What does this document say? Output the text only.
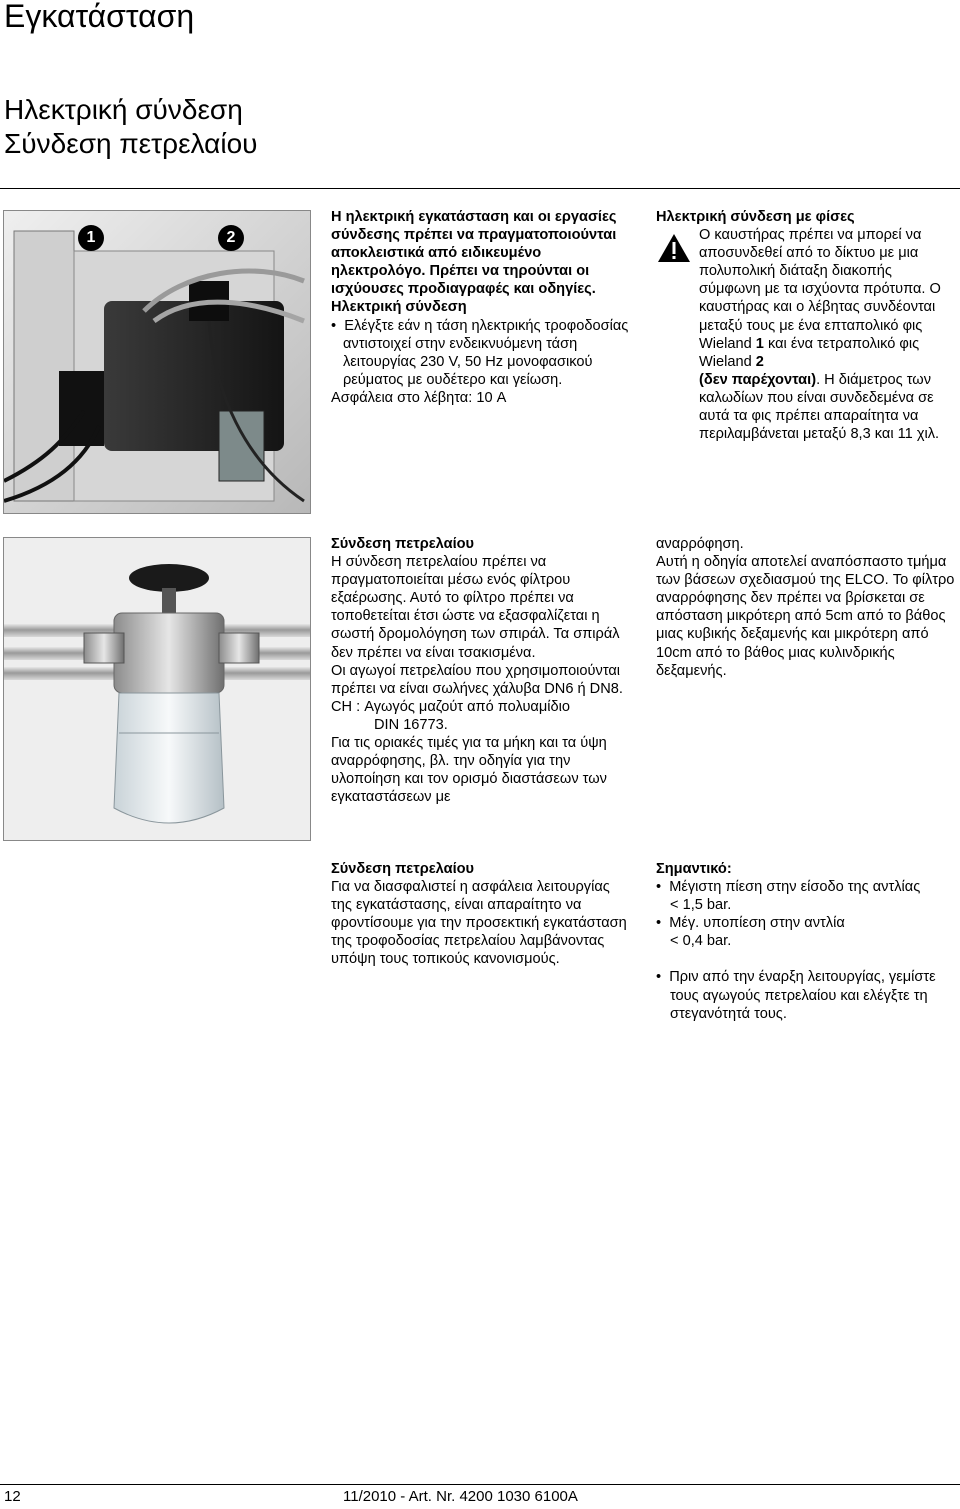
Εγκατάσταση
Ηλεκτρική σύνδεση
Σύνδεση πετρελαίου
1	2

Η ηλεκτρική εγκατάσταση και οι εργασίες σύνδεσης πρέπει να πραγματοποιούνται αποκλειστικά από ειδικευμένο ηλεκτρολόγο. Πρέπει να τηρούνται οι ισχύουσες προδιαγραφές και οδηγίες.

Ηλεκτρική σύνδεση

•  Ελέγξτε εάν η τάση ηλεκτρικής τροφοδοσίας αντιστοιχεί στην ενδεικνυόμενη τάση λειτουργίας 230 V, 50 Hz μονοφασικού ρεύματος με ουδέτερο και γείωση.

Ασφάλεια στο λέβητα: 10 A

Ηλεκτρική σύνδεση με φίσες

Ο καυστήρας πρέπει να μπορεί να αποσυνδεθεί από το δίκτυο με μια πολυπολική διάταξη διακοπής σύμφωνη με τα ισχύοντα πρότυπα. Ο καυστήρας και ο λέβητας συνδέονται μεταξύ τους με ένα επταπολικό φις Wieland 1 και ένα τετραπολικό φις Wieland 2
(δεν παρέχονται). Η διάμετρος των καλωδίων που είναι συνδεδεμένα σε αυτά τα φις πρέπει απαραίτητα να περιλαμβάνεται μεταξύ 8,3 και 11 χιλ.

Σύνδεση πετρελαίου

Η σύνδεση πετρελαίου πρέπει να πραγματοποιείται μέσω ενός φίλτρου εξαέρωσης. Αυτό το φίλτρο πρέπει να τοποθετείται έτσι ώστε να εξασφαλίζεται η σωστή δρομολόγηση των σπιράλ. Τα σπιράλ δεν πρέπει να είναι τσακισμένα.

Οι αγωγοί πετρελαίου που χρησιμοποιούνται πρέπει να είναι σωλήνες χάλυβα DN6 ή DN8.

CH : Αγωγός μαζούτ από πολυαμίδιο

DIN 16773.

Για τις οριακές τιμές για τα μήκη και τα ύψη αναρρόφησης, βλ. την οδηγία για την υλοποίηση και τον ορισμό διαστάσεων των εγκαταστάσεων με

αναρρόφηση.

Αυτή η οδηγία αποτελεί αναπόσπαστο τμήμα των βάσεων σχεδιασμού της ELCO. Το φίλτρο αναρρόφησης δεν πρέπει να βρίσκεται σε απόσταση μικρότερη από 5cm από το βάθος μιας κυβικής δεξαμενής και μικρότερη από 10cm από το βάθος μιας κυλινδρικής δεξαμενής.

Σύνδεση πετρελαίου

Για να διασφαλιστεί η ασφάλεια λειτουργίας της εγκατάστασης, είναι απαραίτητο να φροντίσουμε για την προσεκτική εγκατάσταση της τροφοδοσίας πετρελαίου λαμβάνοντας υπόψη τους τοπικούς κανονισμούς.

Σημαντικό:

•  Μέγιστη πίεση στην είσοδο της αντλίας

< 1,5 bar.

•  Μέγ. υποπίεση στην αντλία

< 0,4 bar.

•  Πριν από την έναρξη λειτουργίας, γεμίστε τους αγωγούς πετρελαίου και ελέγξτε τη στεγανότητά τους.

12	11/2010 - Art. Nr. 4200 1030 6100A
